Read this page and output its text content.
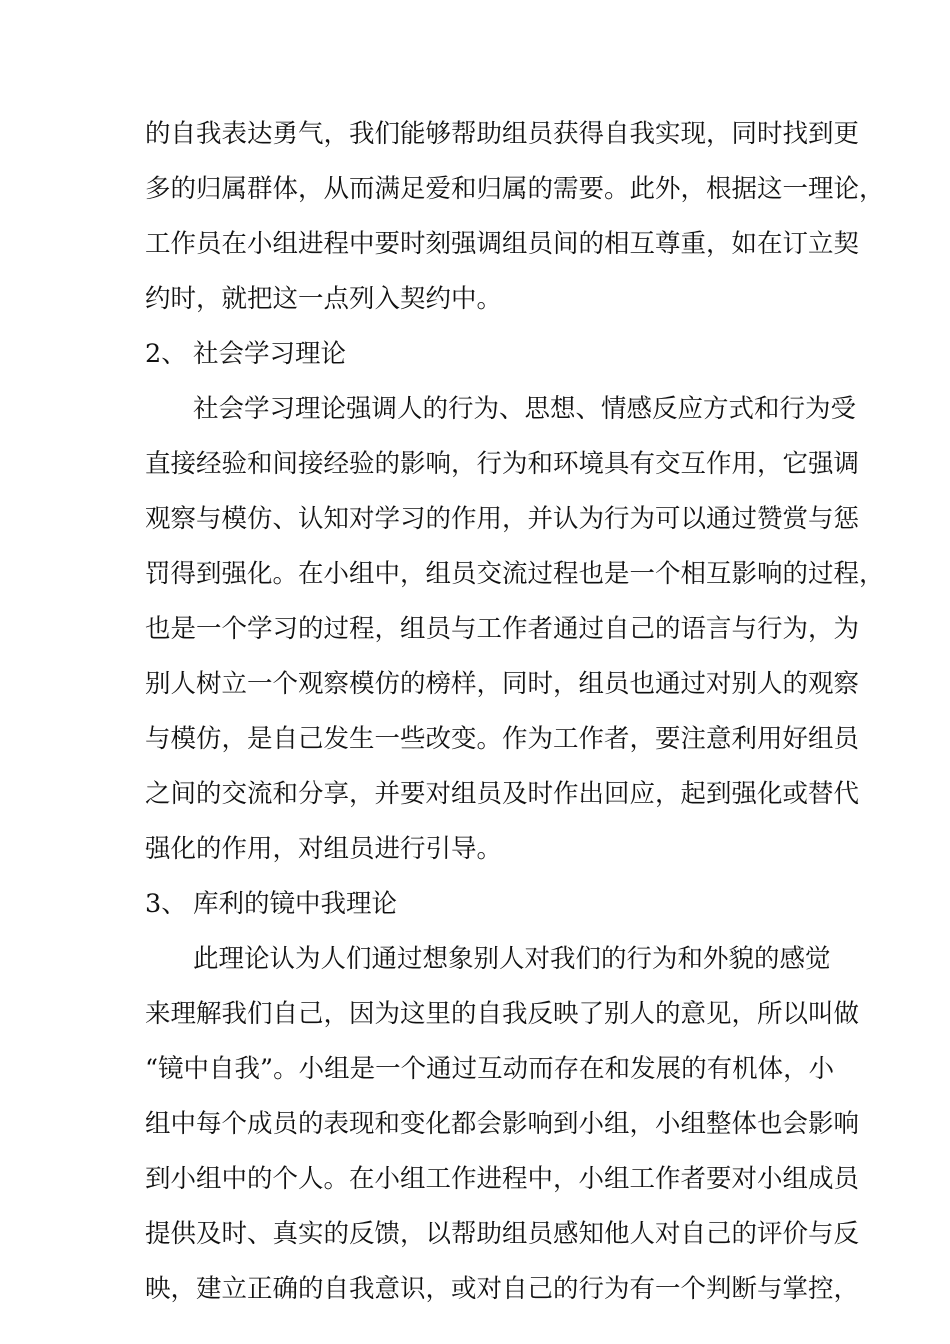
的自我表达勇气，我们能够帮助组员获得自我实现，同时找到更
多的归属群体，从而满足爱和归属的需要。此外，根据这一理论，
工作员在小组进程中要时刻强调组员间的相互尊重，如在订立契
约时，就把这一点列入契约中。
2、 社会学习理论
社会学习理论强调人的行为、思想、情感反应方式和行为受
直接经验和间接经验的影响，行为和环境具有交互作用，它强调
观察与模仿、认知对学习的作用，并认为行为可以通过赞赏与惩
罚得到强化。在小组中，组员交流过程也是一个相互影响的过程，
也是一个学习的过程，组员与工作者通过自己的语言与行为，为
别人树立一个观察模仿的榜样，同时，组员也通过对别人的观察
与模仿，是自己发生一些改变。作为工作者，要注意利用好组员
之间的交流和分享，并要对组员及时作出回应，起到强化或替代
强化的作用，对组员进行引导。
3、 库利的镜中我理论
此理论认为人们通过想象别人对我们的行为和外貌的感觉
来理解我们自己，因为这里的自我反映了别人的意见，所以叫做
“镜中自我”。小组是一个通过互动而存在和发展的有机体，小
组中每个成员的表现和变化都会影响到小组，小组整体也会影响
到小组中的个人。在小组工作进程中，小组工作者要对小组成员
提供及时、真实的反馈，以帮助组员感知他人对自己的评价与反
映，建立正确的自我意识，或对自己的行为有一个判断与掌控，
